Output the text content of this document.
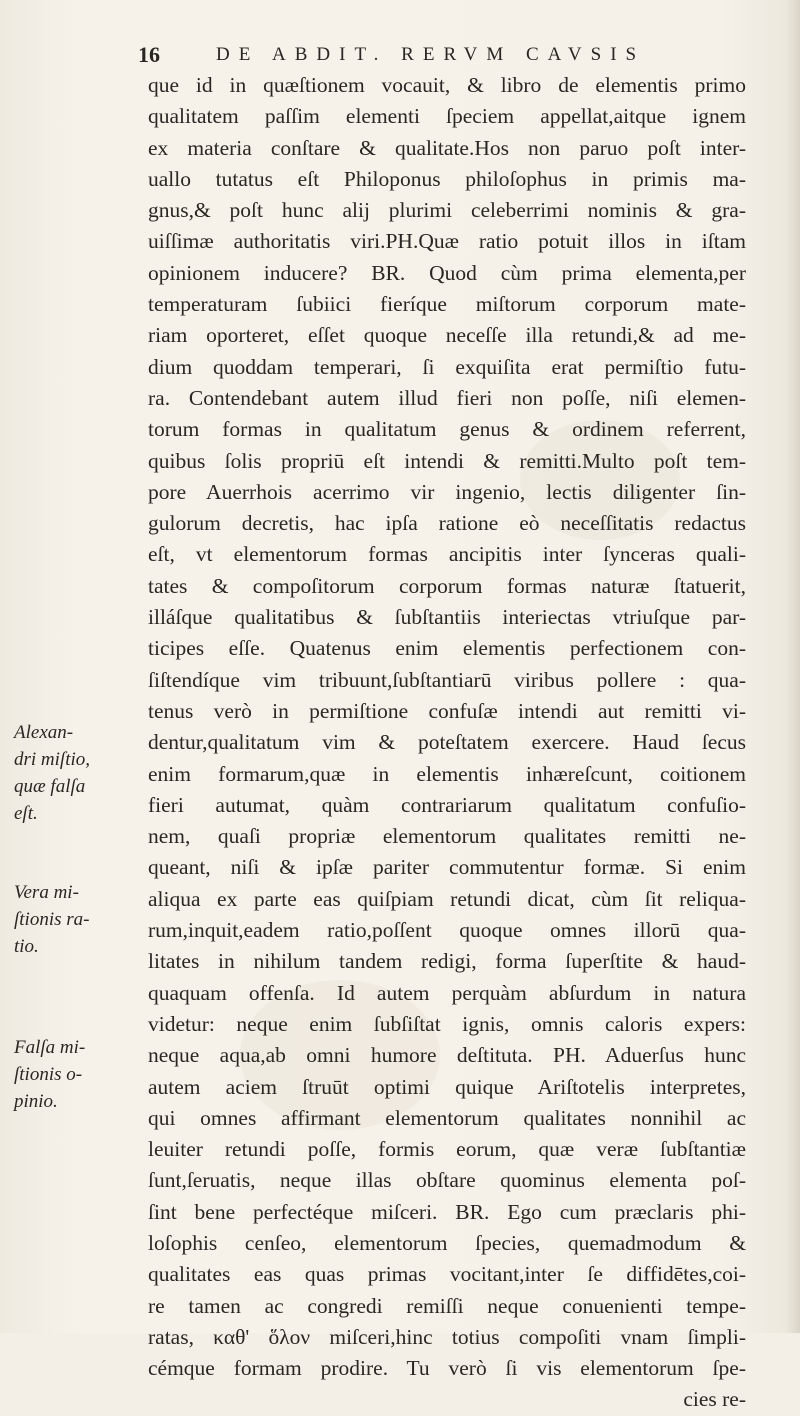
16	DE ABDIT. RERVM CAVSIS
que id in quæſtionem vocauit, & libro de elementis primo
qualitatem paſſim elementi ſpeciem appellat,aitque ignem
ex materia conſtare & qualitate.Hos non paruo poſt inter-
uallo tutatus eſt Philoponus philoſophus in primis ma-
gnus,& poſt hunc alij plurimi celeberrimi nominis & gra-
uiſſimæ authoritatis viri.PH.Quæ ratio potuit illos in iſtam
opinionem inducere? BR. Quod cùm prima elementa,per
temperaturam ſubiici fieríque miſtorum corporum mate-
riam oporteret, eſſet quoque neceſſe illa retundi,& ad me-
dium quoddam temperari, ſi exquiſita erat permiſtio futu-
ra. Contendebant autem illud fieri non poſſe, niſi elemen-
torum formas in qualitatum genus & ordinem referrent,
quibus ſolis propriū eſt intendi & remitti.Multo poſt tem-
pore Auerrhois acerrimo vir ingenio, lectis diligenter ſin-
gulorum decretis, hac ipſa ratione eò neceſſitatis redactus
eſt, vt elementorum formas ancipitis inter ſynceras quali-
tates & compoſitorum corporum formas naturæ ſtatuerit,
illáſque qualitatibus & ſubſtantiis interiectas vtriuſque par-
ticipes eſſe. Quatenus enim elementis perfectionem con-
ſiſtendíque vim tribuunt,ſubſtantiarū viribus pollere : qua-
tenus verò in permiſtione confuſæ intendi aut remitti vi-
dentur,qualitatum vim & poteſtatem exercere. Haud ſecus
enim formarum,quæ in elementis inhæreſcunt, coitionem
fieri autumat, quàm contrariarum qualitatum confuſio-
nem, quaſi propriæ elementorum qualitates remitti ne-
queant, niſi & ipſæ pariter commutentur formæ. Si enim
aliqua ex parte eas quiſpiam retundi dicat, cùm ſit reliqua-
rum,inquit,eadem ratio,poſſent quoque omnes illorū qua-
litates in nihilum tandem redigi, forma ſuperſtite & haud-
quaquam offenſa. Id autem perquàm abſurdum in natura
videtur: neque enim ſubſiſtat ignis, omnis caloris expers:
neque aqua,ab omni humore deſtituta. PH. Aduerſus hunc
autem aciem ſtruūt optimi quique Ariſtotelis interpretes,
qui omnes affirmant elementorum qualitates nonnihil ac
leuiter retundi poſſe, formis eorum, quæ veræ ſubſtantiæ
ſunt,ſeruatis, neque illas obſtare quominus elementa poſ-
ſint bene perfectéque miſceri. BR. Ego cum præclaris phi-
loſophis cenſeo, elementorum ſpecies, quemadmodum &
qualitates eas quas primas vocitant,inter ſe diffidētes,coi-
re tamen ac congredi remiſſi neque conuenienti tempe-
ratas, καθ' ὅλον miſceri,hinc totius compoſiti vnam ſimpli-
cémque formam prodire. Tu verò ſi vis elementorum ſpe-
cies re-
Alexan-
dri miſtio,
quæ falſa
eſt.
Vera mi-
ſtionis ra-
tio.
Falſa mi-
ſtionis o-
pinio.
